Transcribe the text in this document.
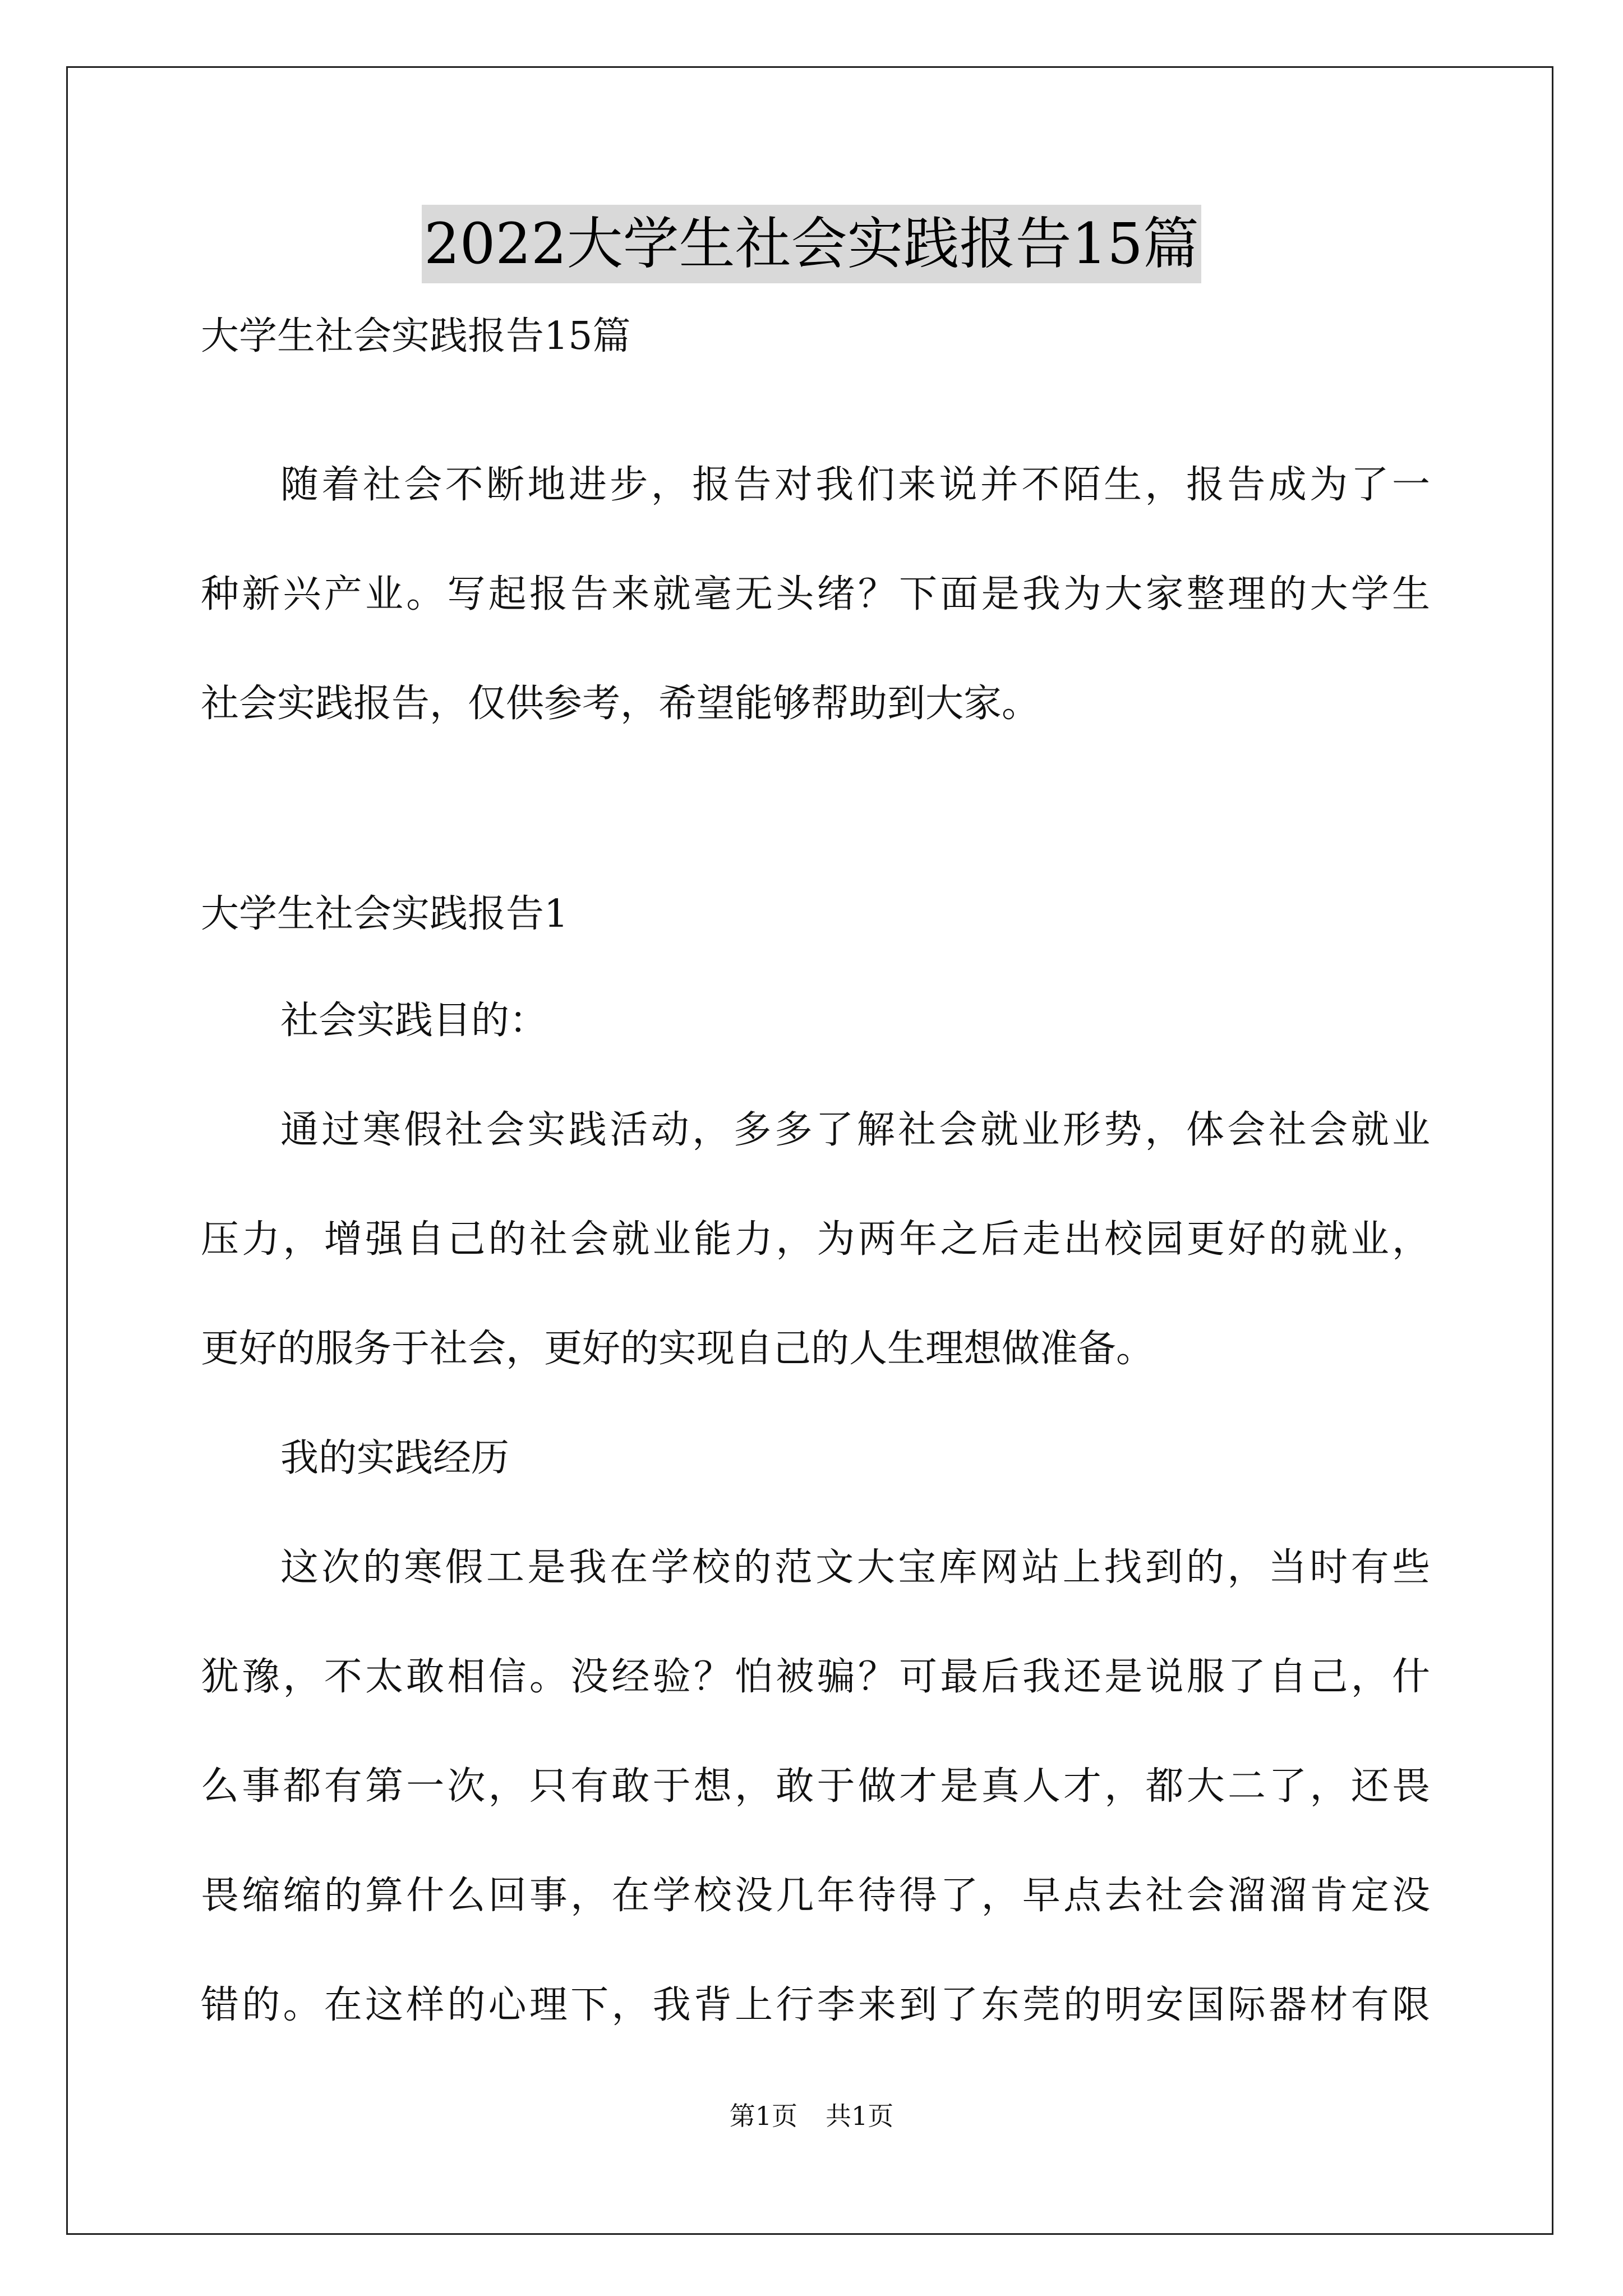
2022大学生社会实践报告15篇

大学生社会实践报告15篇

随着社会不断地进步，报告对我们来说并不陌生，报告成为了一

种新兴产业。写起报告来就毫无头绪？下面是我为大家整理的大学生

社会实践报告，仅供参考，希望能够帮助到大家。

大学生社会实践报告1

社会实践目的：

通过寒假社会实践活动，多多了解社会就业形势，体会社会就业

压力，增强自己的社会就业能力，为两年之后走出校园更好的就业，

更好的服务于社会，更好的实现自己的人生理想做准备。

我的实践经历

这次的寒假工是我在学校的范文大宝库网站上找到的，当时有些

犹豫，不太敢相信。没经验？怕被骗？可最后我还是说服了自己，什

么事都有第一次，只有敢于想，敢于做才是真人才，都大二了，还畏

畏缩缩的算什么回事，在学校没几年待得了，早点去社会溜溜肯定没

错的。在这样的心理下，我背上行李来到了东莞的明安国际器材有限

第1页 共1页
